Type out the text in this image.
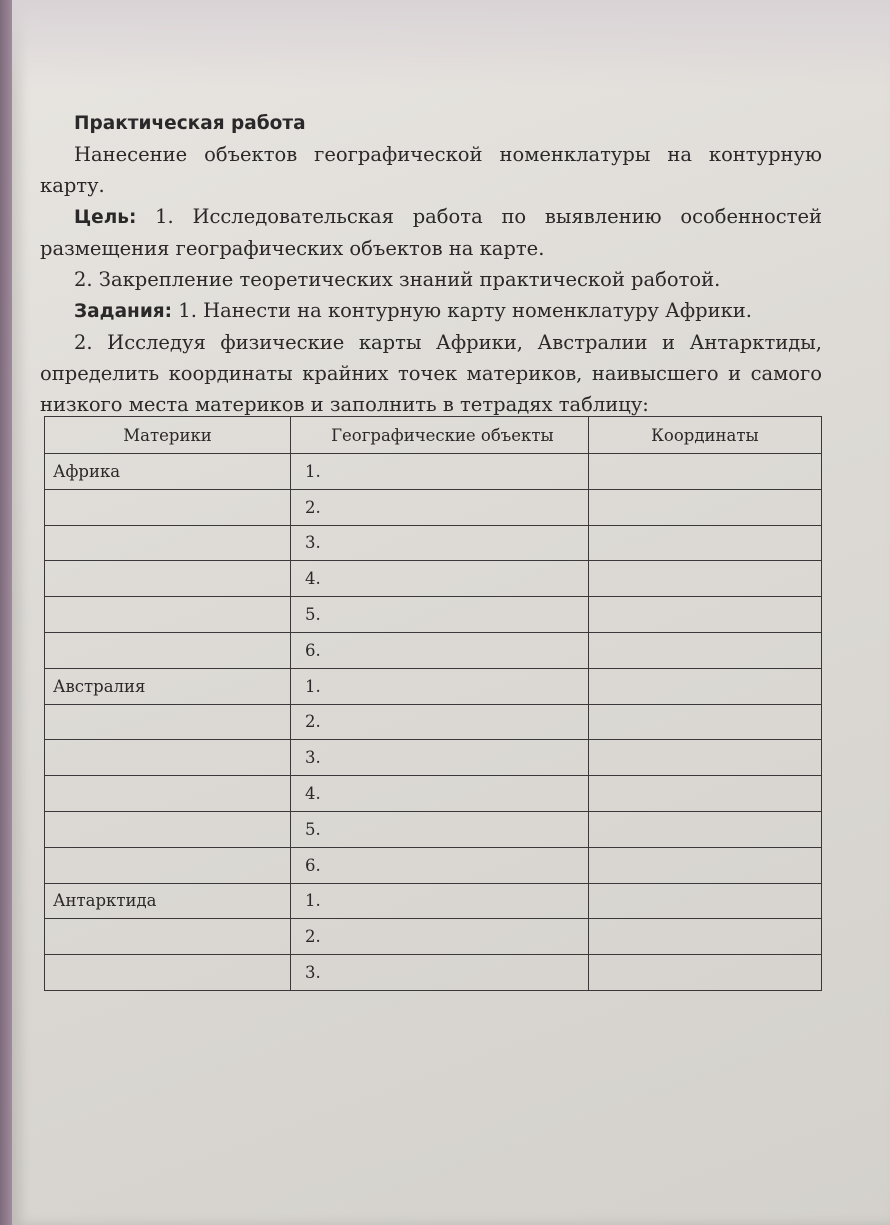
Практическая работа

Нанесение объектов географической номенклатуры на контурную карту.

Цель: 1. Исследовательская работа по выявлению особенностей размещения географических объектов на карте.

2. Закрепление теоретических знаний практической работой.

Задания: 1. Нанести на контурную карту номенклатуру Африки.

2. Исследуя физические карты Африки, Австралии и Антарктиды, определить координаты крайних точек материков, наивысшего и самого низкого места материков и заполнить в тетрадях таблицу:

Материки	Географические объекты	Координаты
Африка	1.	
	2.	
	3.	
	4.	
	5.	
	6.	
Австралия	1.	
	2.	
	3.	
	4.	
	5.	
	6.	
Антарктида	1.	
	2.	
	3.	
